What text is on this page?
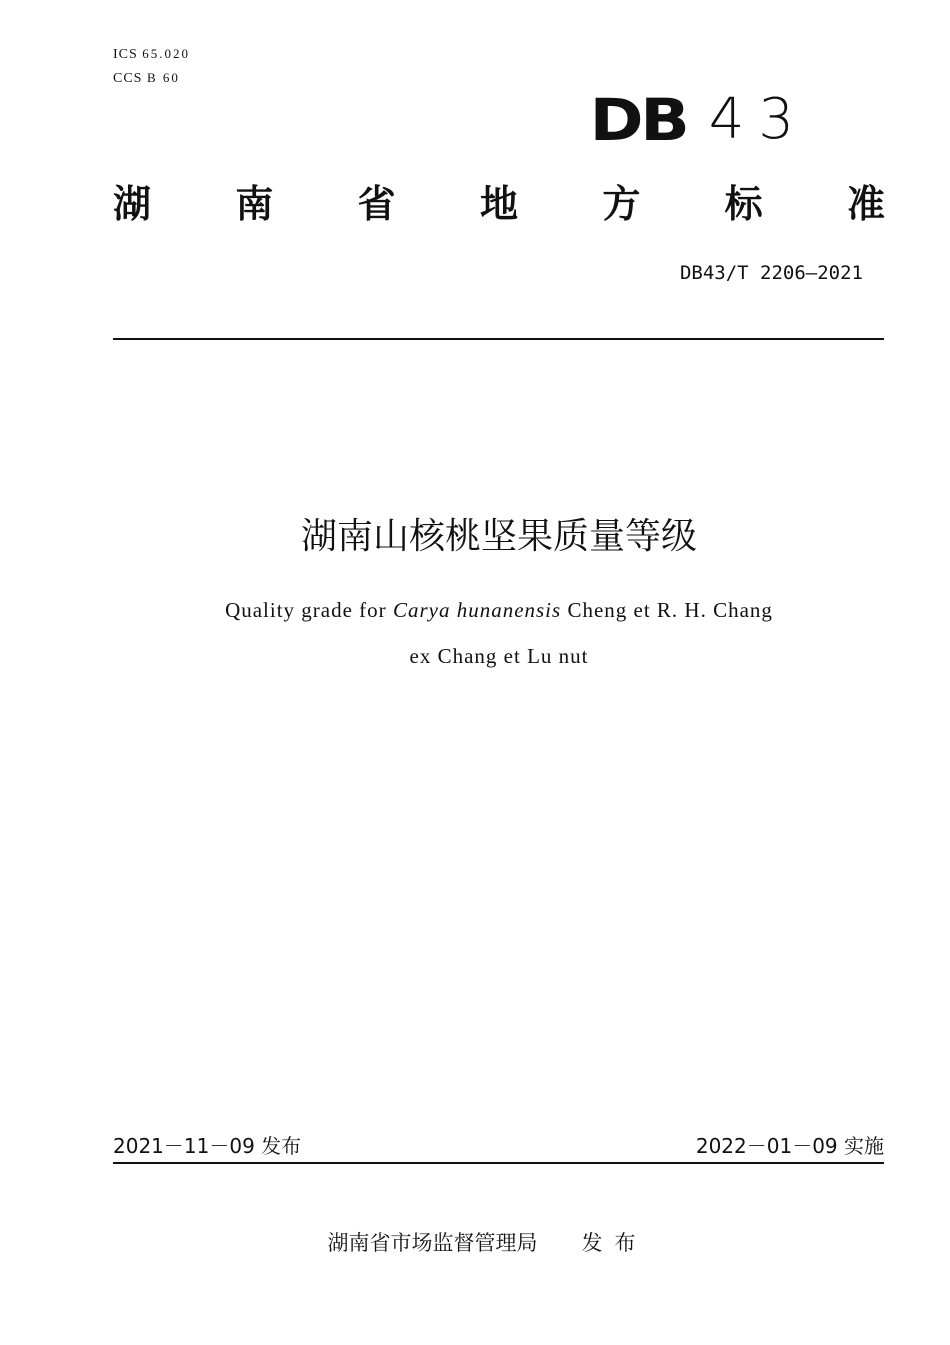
ICS 65.020
CCS B 60
DB 43
湖 南 省 地 方 标 准
DB43/T 2206—2021
湖南山核桃坚果质量等级
Quality grade for Carya hunanensis Cheng et R. H. Chang
ex Chang et Lu nut
2021－11－09 发布	2022－01－09 实施
湖南省市场监督管理局 发布
